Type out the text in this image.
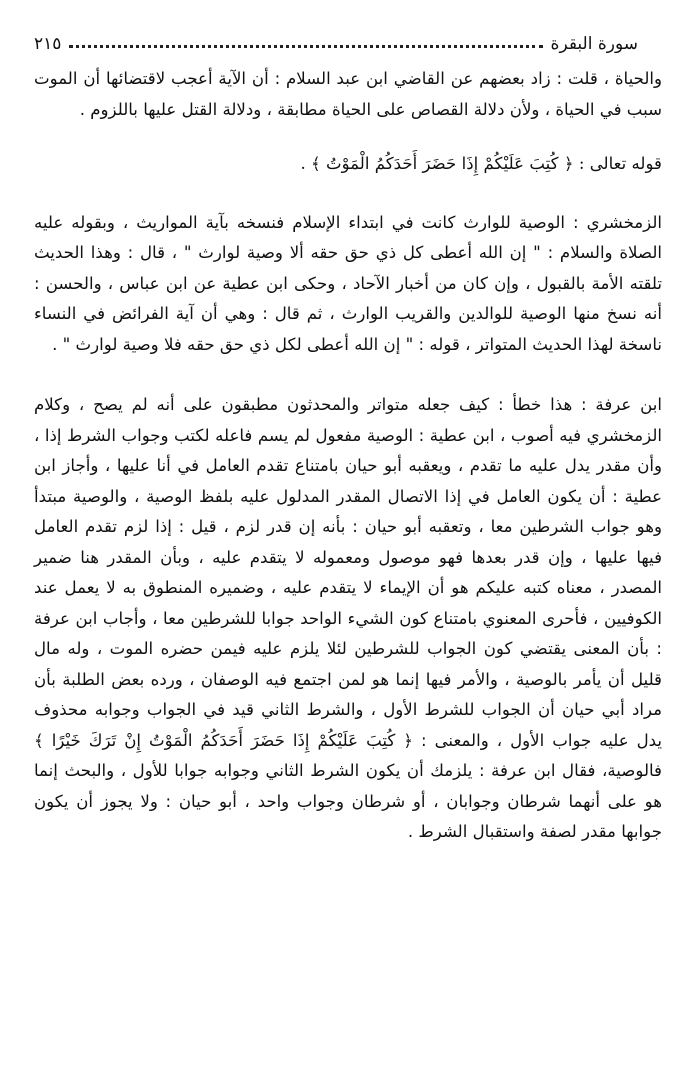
سورة البقرة
٢١٥

والحياة ، قلت : زاد بعضهم عن القاضي ابن عبد السلام : أن الآية أعجب لاقتضائها أن الموت سبب في الحياة ، ولأن دلالة القصاص على الحياة مطابقة ، ودلالة القتل عليها باللزوم .

قوله تعالى : ﴿ كُتِبَ عَلَيْكُمْ إِذَا حَضَرَ أَحَدَكُمُ الْمَوْتُ ﴾ .

الزمخشري : الوصية للوارث كانت في ابتداء الإسلام فنسخه بآية المواريث ، وبقوله عليه الصلاة والسلام : " إن الله أعطى كل ذي حق حقه ألا وصية لوارث " ، قال : وهذا الحديث تلقته الأمة بالقبول ، وإن كان من أخبار الآحاد ، وحكى ابن عطية عن ابن عباس ، والحسن : أنه نسخ منها الوصية للوالدين والقريب الوارث ، ثم قال : وهي أن آية الفرائض في النساء ناسخة لهذا الحديث المتواتر ، قوله : " إن الله أعطى لكل ذي حق حقه فلا وصية لوارث " .

ابن عرفة : هذا خطأ : كيف جعله متواتر والمحدثون مطبقون على أنه لم يصح ، وكلام الزمخشري فيه أصوب ، ابن عطية : الوصية مفعول لم يسم فاعله لكتب وجواب الشرط إذا ، وأن مقدر يدل عليه ما تقدم ، ويعقبه أبو حيان بامتناع تقدم العامل في أنا عليها ، وأجاز ابن عطية : أن يكون العامل في إذا الاتصال المقدر المدلول عليه بلفظ الوصية ، والوصية مبتدأ وهو جواب الشرطين معا ، وتعقبه أبو حيان : بأنه إن قدر لزم ، قيل : إذا لزم تقدم العامل فيها عليها ، وإن قدر بعدها فهو موصول ومعموله لا يتقدم عليه ، وبأن المقدر هنا ضمير المصدر ، معناه كتبه عليكم هو أن الإيماء لا يتقدم عليه ، وضميره المنطوق به لا يعمل عند الكوفيين ، فأحرى المعنوي بامتناع كون الشيء الواحد جوابا للشرطين معا ، وأجاب ابن عرفة : بأن المعنى يقتضي كون الجواب للشرطين لئلا يلزم عليه فيمن حضره الموت ، وله مال قليل أن يأمر بالوصية ، والأمر فيها إنما هو لمن اجتمع فيه الوصفان ، ورده بعض الطلبة بأن مراد أبي حيان أن الجواب للشرط الأول ، والشرط الثاني قيد في الجواب وجوابه محذوف يدل عليه جواب الأول ، والمعنى : ﴿ كُتِبَ عَلَيْكُمْ إِذَا حَضَرَ أَحَدَكُمُ الْمَوْتُ إِنْ تَرَكَ خَيْرًا ﴾ فالوصية، فقال ابن عرفة : يلزمك أن يكون الشرط الثاني وجوابه جوابا للأول ، والبحث إنما هو على أنهما شرطان وجوابان ، أو شرطان وجواب واحد ، أبو حيان : ولا يجوز أن يكون جوابها مقدر لصفة واستقبال الشرط .
